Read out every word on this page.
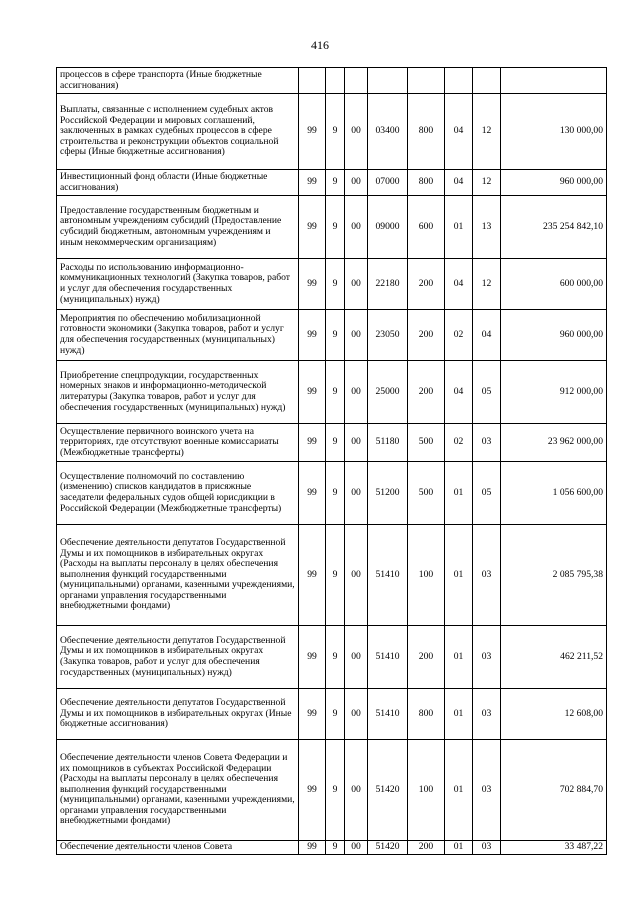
416
процессов в сфере транспорта (Иные бюджетные ассигнования)								
Выплаты, связанные с исполнением судебных актов Российской Федерации и мировых соглашений, заключенных в рамках судебных процессов в сфере строительства и реконструкции объектов социальной сферы (Иные бюджетные ассигнования)	99	9	00	03400	800	04	12	130 000,00
Инвестиционный фонд области (Иные бюджетные ассигнования)	99	9	00	07000	800	04	12	960 000,00
Предоставление государственным бюджетным и автономным учреждениям субсидий (Предоставление субсидий бюджетным, автономным учреждениям и иным некоммерческим организациям)	99	9	00	09000	600	01	13	235 254 842,10
Расходы по использованию информационно-коммуникационных технологий (Закупка товаров, работ и услуг для обеспечения государственных (муниципальных) нужд)	99	9	00	22180	200	04	12	600 000,00
Мероприятия по обеспечению мобилизационной готовности экономики (Закупка товаров, работ и услуг для обеспечения государственных (муниципальных) нужд)	99	9	00	23050	200	02	04	960 000,00
Приобретение спецпродукции, государственных номерных знаков и информационно-методической литературы (Закупка товаров, работ и услуг для обеспечения государственных (муниципальных) нужд)	99	9	00	25000	200	04	05	912 000,00
Осуществление первичного воинского учета на территориях, где отсутствуют военные комиссариаты (Межбюджетные трансферты)	99	9	00	51180	500	02	03	23 962 000,00
Осуществление полномочий по составлению (изменению) списков кандидатов в присяжные заседатели федеральных судов общей юрисдикции в Российской Федерации (Межбюджетные трансферты)	99	9	00	51200	500	01	05	1 056 600,00
Обеспечение деятельности депутатов Государственной Думы и их помощников в избирательных округах (Расходы на выплаты персоналу в целях обеспечения выполнения функций государственными (муниципальными) органами, казенными учреждениями, органами управления государственными внебюджетными фондами)	99	9	00	51410	100	01	03	2 085 795,38
Обеспечение деятельности депутатов Государственной Думы и их помощников в избирательных округах (Закупка товаров, работ и услуг для обеспечения государственных (муниципальных) нужд)	99	9	00	51410	200	01	03	462 211,52
Обеспечение деятельности депутатов Государственной Думы и их помощников в избирательных округах (Иные бюджетные ассигнования)	99	9	00	51410	800	01	03	12 608,00
Обеспечение деятельности членов Совета Федерации и их помощников в субъектах Российской Федерации (Расходы на выплаты персоналу в целях обеспечения выполнения функций государственными (муниципальными) органами, казенными учреждениями, органами управления государственными внебюджетными фондами)	99	9	00	51420	100	01	03	702 884,70
Обеспечение деятельности членов Совета	99	9	00	51420	200	01	03	33 487,22
